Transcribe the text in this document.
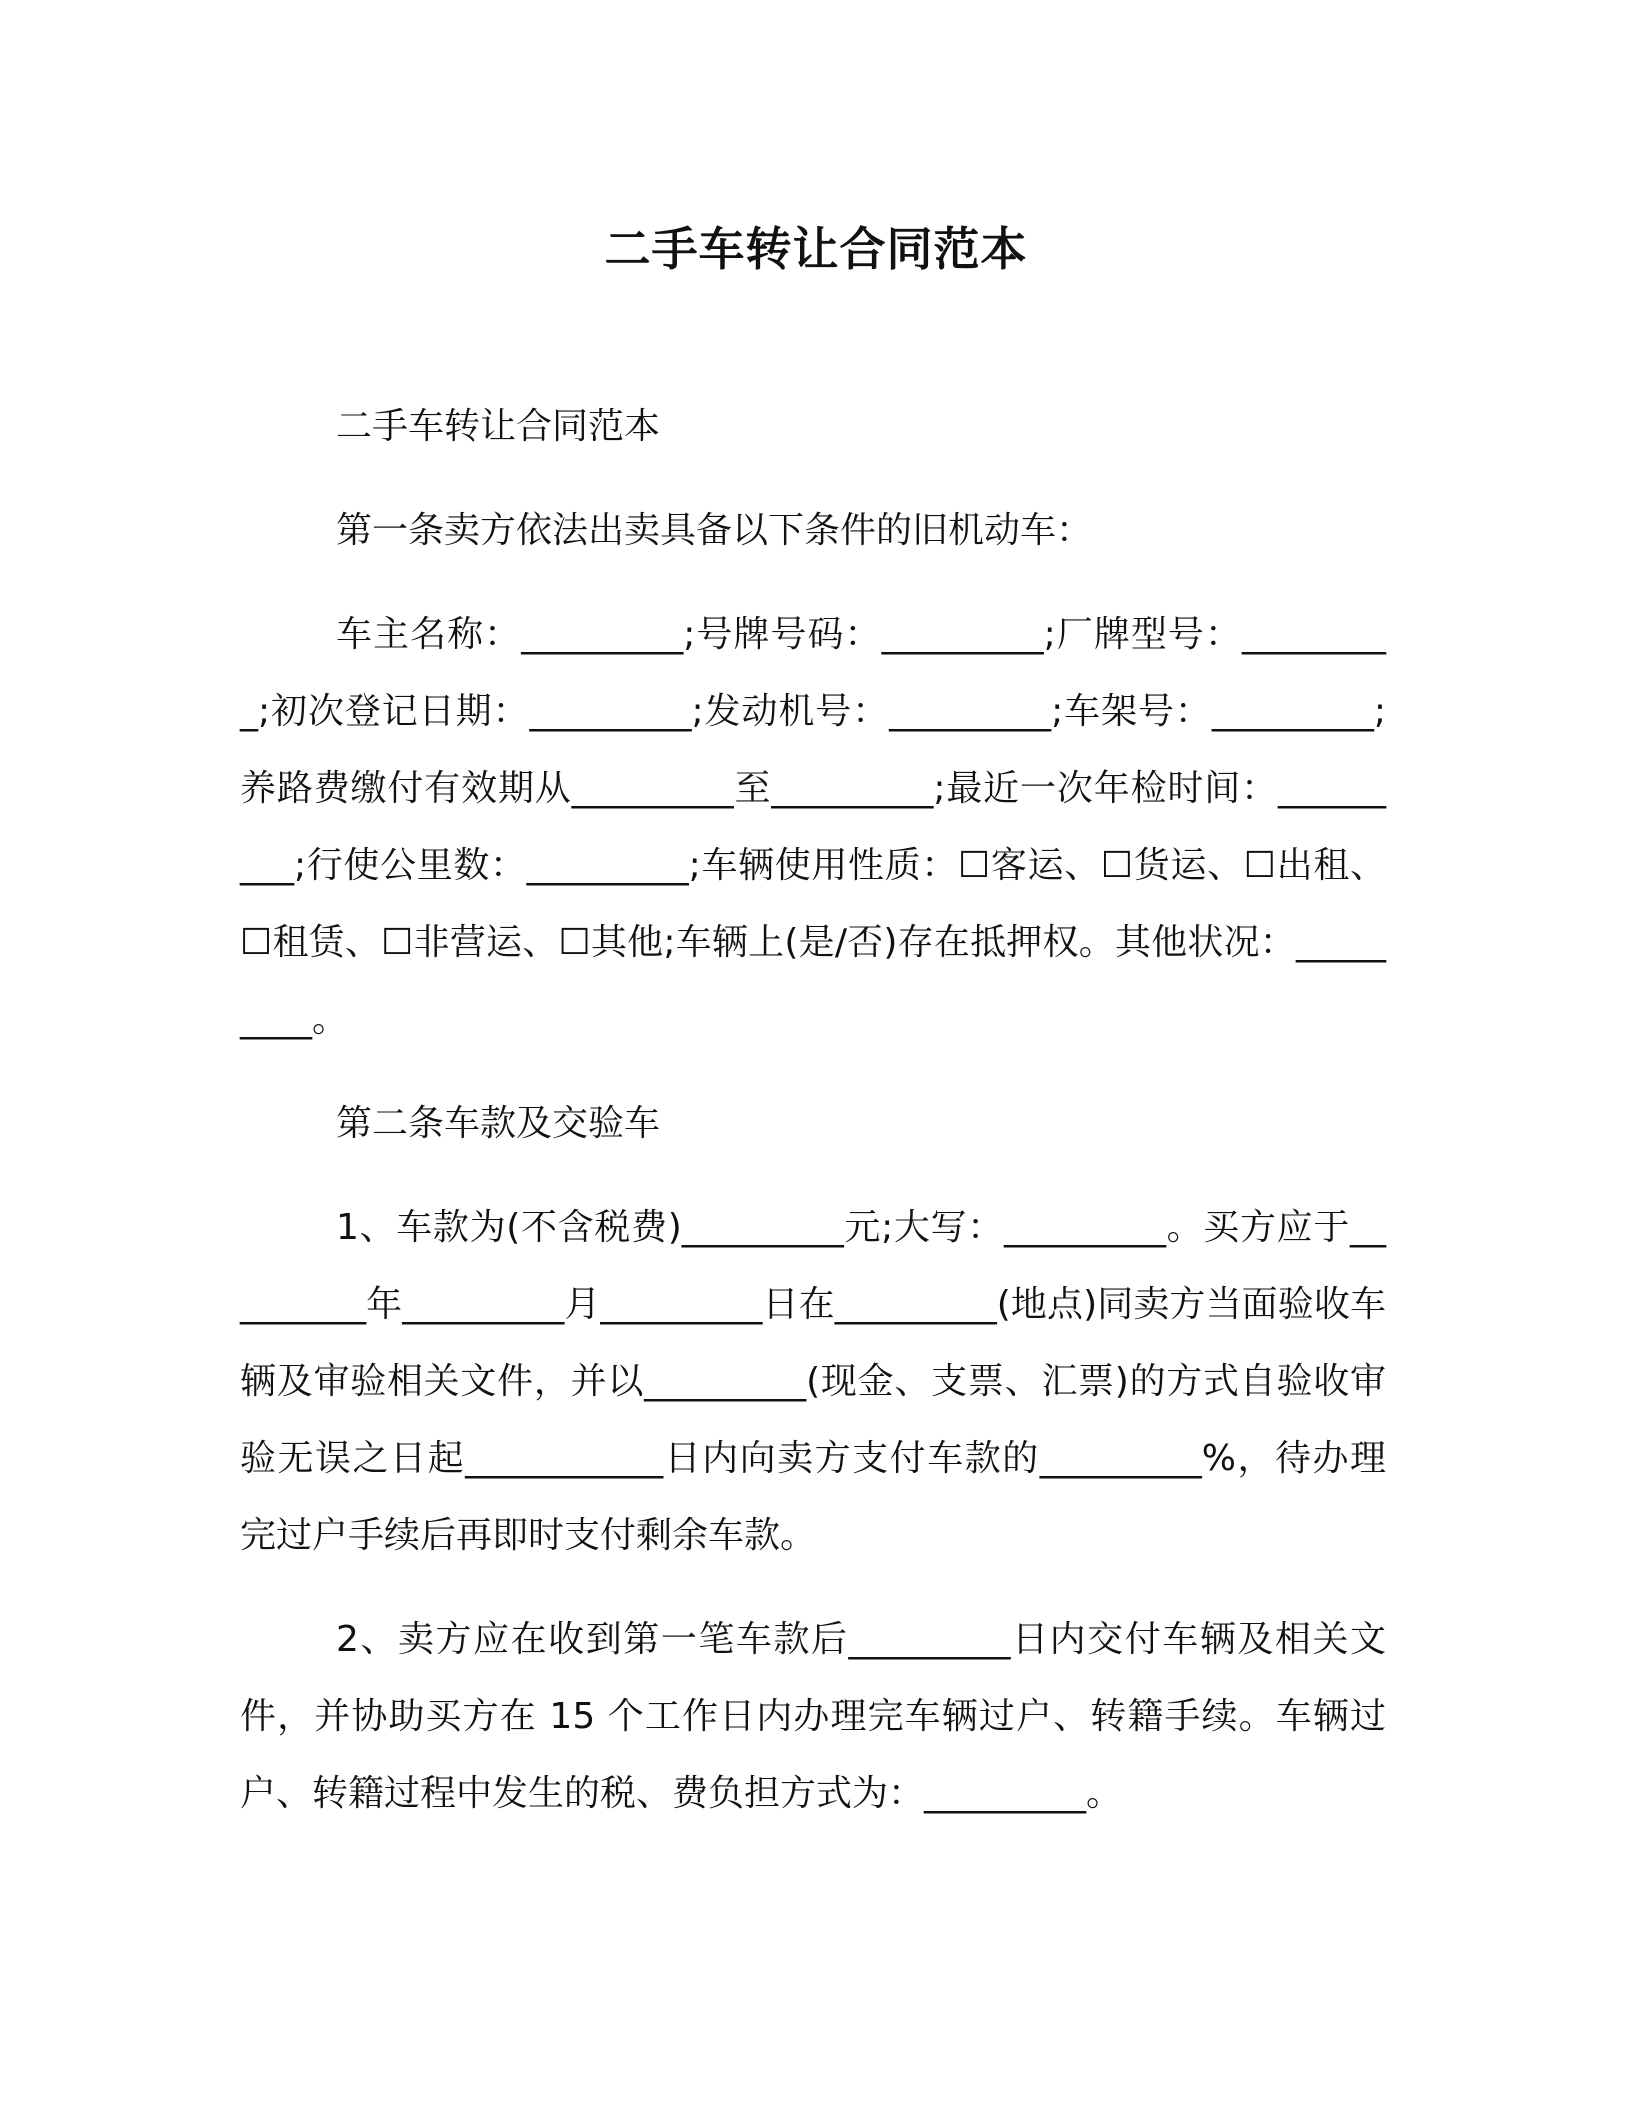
二手车转让合同范本

二手车转让合同范本

第一条卖方依法出卖具备以下条件的旧机动车：

车主名称：_________;号牌号码：_________;厂牌型号：_________;初次登记日期：_________;发动机号：_________;车架号：_________;养路费缴付有效期从_________至_________;最近一次年检时间：_________;行使公里数：_________;车辆使用性质：☐客运、☐货运、☐出租、☐租赁、☐非营运、☐其他;车辆上(是/否)存在抵押权。其他状况：_________。

第二条车款及交验车

1、车款为(不含税费)_________元;大写：_________。买方应于_________年_________月_________日在_________(地点)同卖方当面验收车辆及审验相关文件，并以_________(现金、支票、汇票)的方式自验收审验无误之日起___________日内向卖方支付车款的_________%，待办理完过户手续后再即时支付剩余车款。

2、卖方应在收到第一笔车款后_________日内交付车辆及相关文件，并协助买方在 15 个工作日内办理完车辆过户、转籍手续。车辆过户、转籍过程中发生的税、费负担方式为：_________。
